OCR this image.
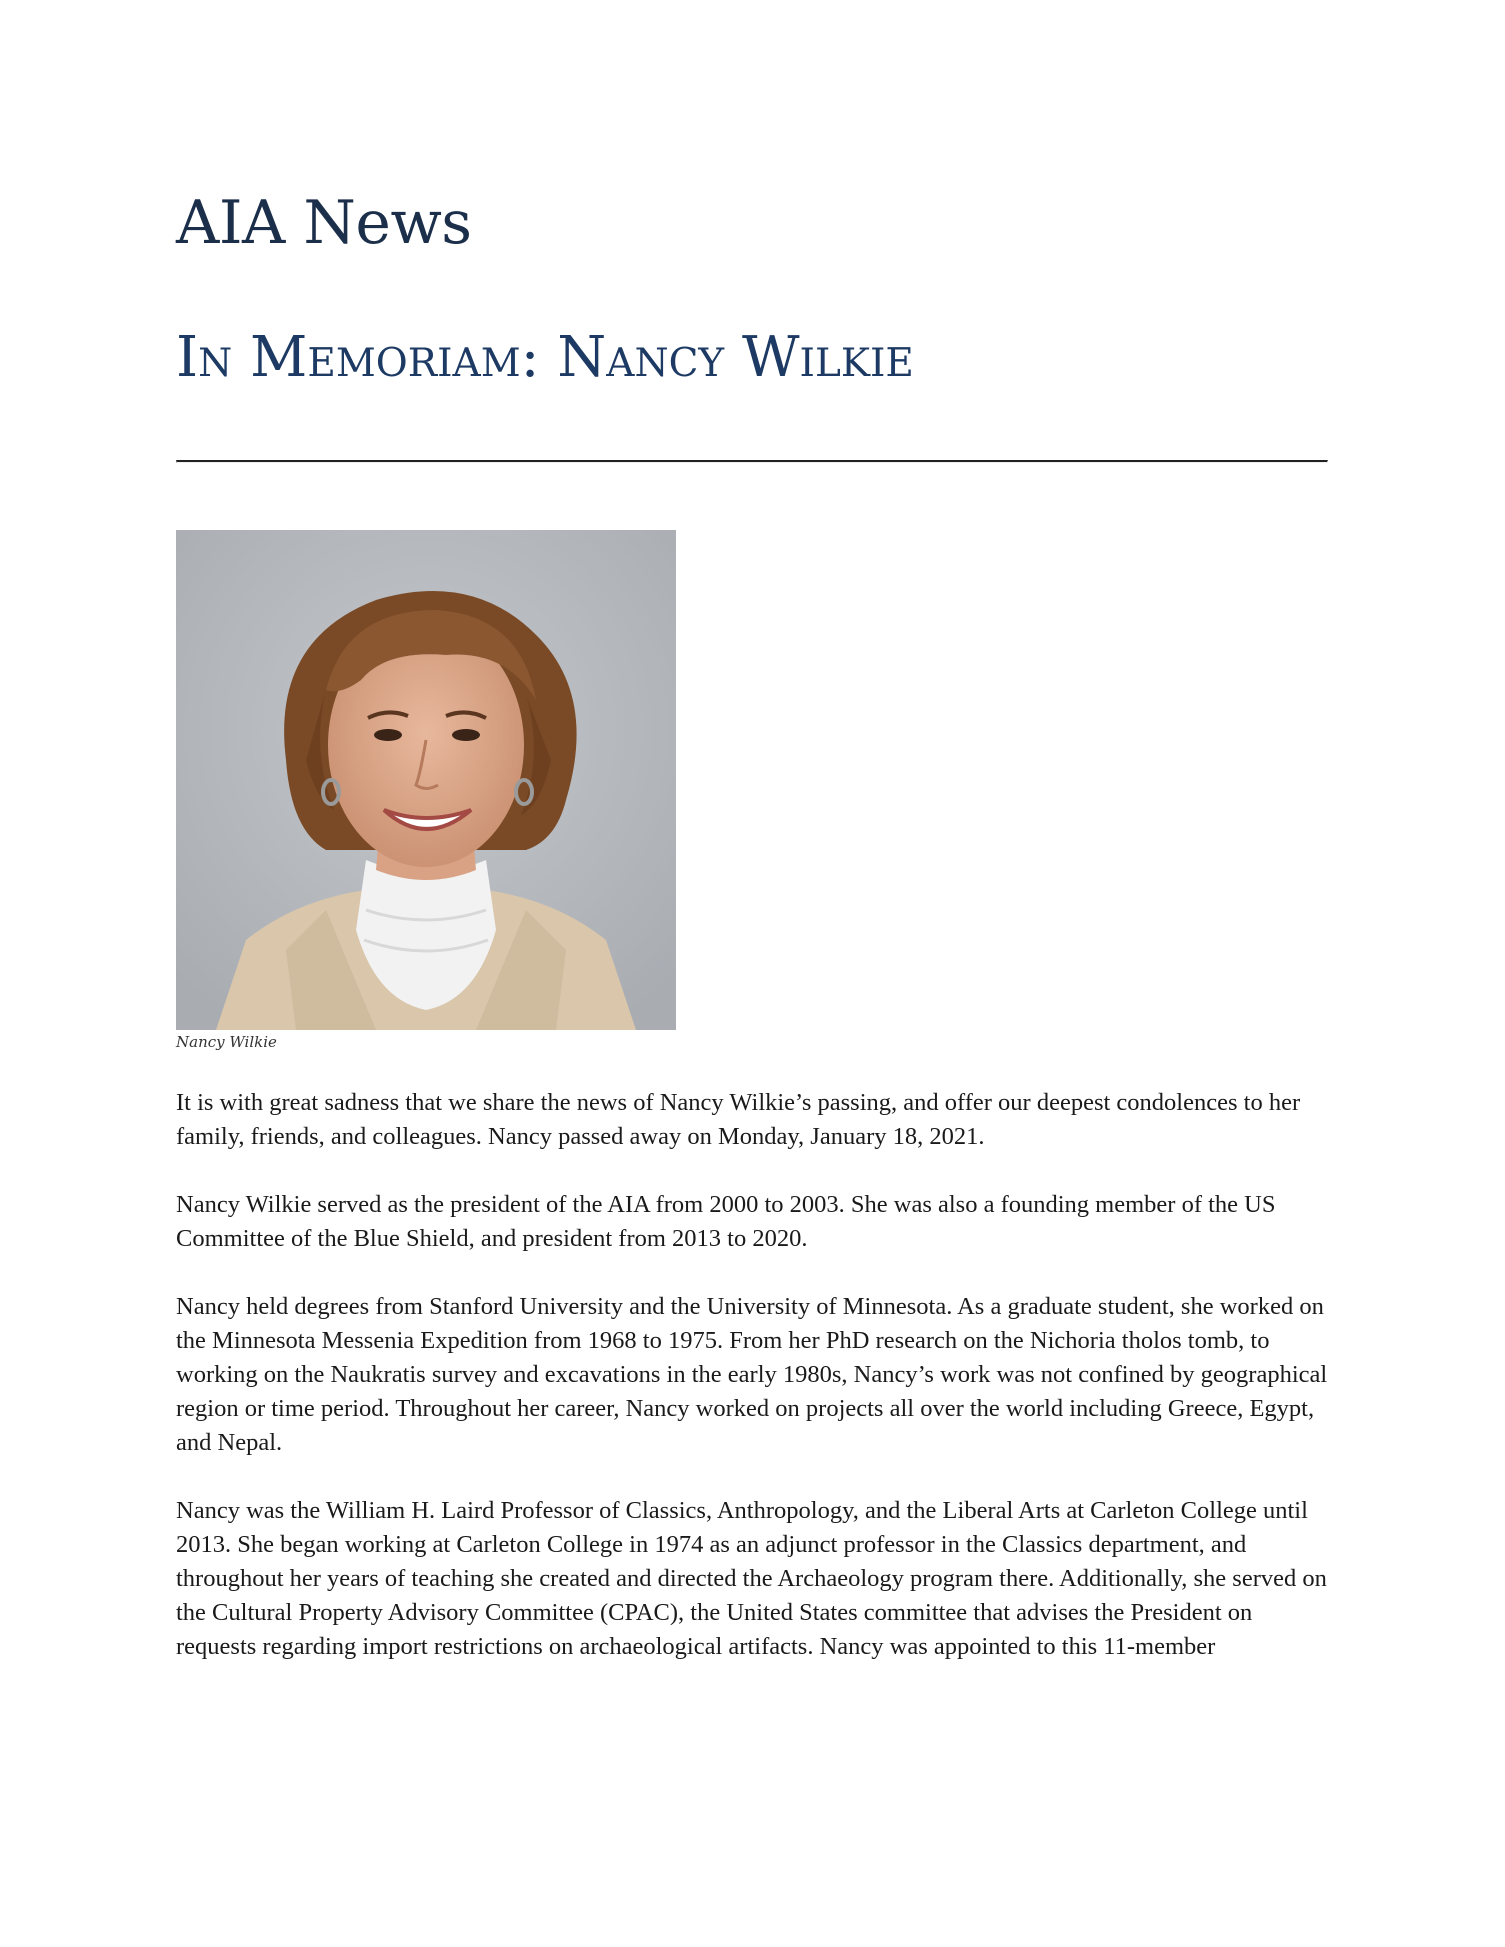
AIA News
In Memoriam: Nancy Wilkie
Nancy Wilkie

It is with great sadness that we share the news of Nancy Wilkie’s passing, and offer our deepest condolences to her family, friends, and colleagues. Nancy passed away on Monday, January 18, 2021.

Nancy Wilkie served as the president of the AIA from 2000 to 2003. She was also a founding member of the US Committee of the Blue Shield, and president from 2013 to 2020.

Nancy held degrees from Stanford University and the University of Minnesota. As a graduate student, she worked on the Minnesota Messenia Expedition from 1968 to 1975. From her PhD research on the Nichoria tholos tomb, to working on the Naukratis survey and excavations in the early 1980s, Nancy’s work was not confined by geographical region or time period. Throughout her career, Nancy worked on projects all over the world including Greece, Egypt, and Nepal.

Nancy was the William H. Laird Professor of Classics, Anthropology, and the Liberal Arts at Carleton College until 2013. She began working at Carleton College in 1974 as an adjunct professor in the Classics department, and throughout her years of teaching she created and directed the Archaeology program there. Additionally, she served on the Cultural Property Advisory Committee (CPAC), the United States committee that advises the President on requests regarding import restrictions on archaeological artifacts. Nancy was appointed to this 11-member
